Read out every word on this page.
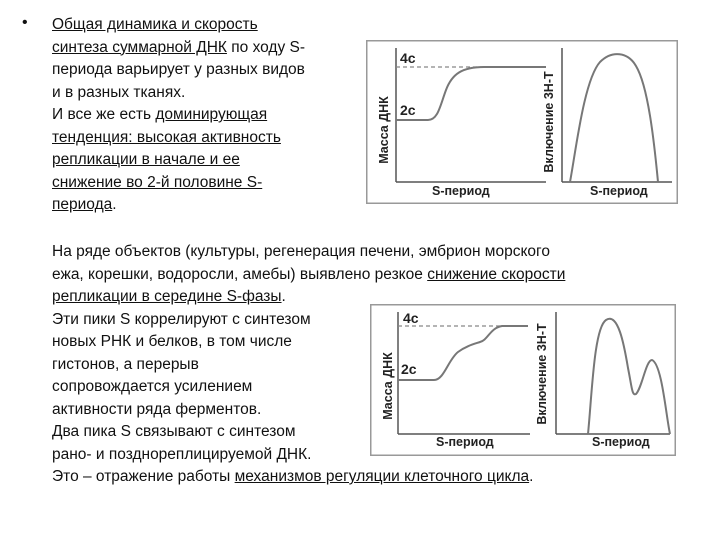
• Общая динамика и скорость
синтеза суммарной ДНК по ходу S-
периода варьирует у разных видов
и в разных тканях.
И все же есть доминирующая
тенденция: высокая активность
репликации в начале и ее
снижение во 2-й половине S-
периода.
На ряде объектов (культуры, регенерация печени, эмбрион морского
ежа, корешки, водоросли, амебы) выявлено резкое снижение скорости
репликации в середине S-фазы.
Эти пики S коррелируют с синтезом
новых РНК и белков, в том числе
гистонов, а перерыв
сопровождается усилением
активности ряда ферментов.
Два пика S связывают с синтезом
рано- и позднореплицируемой ДНК.
Это – отражение работы механизмов регуляции клеточного цикла.
Масса ДНК
4c
2c
S-период
Включение 3Н-Т
S-период
Масса ДНК
4c
2c
S-период
Включение 3Н-Т
S-период
